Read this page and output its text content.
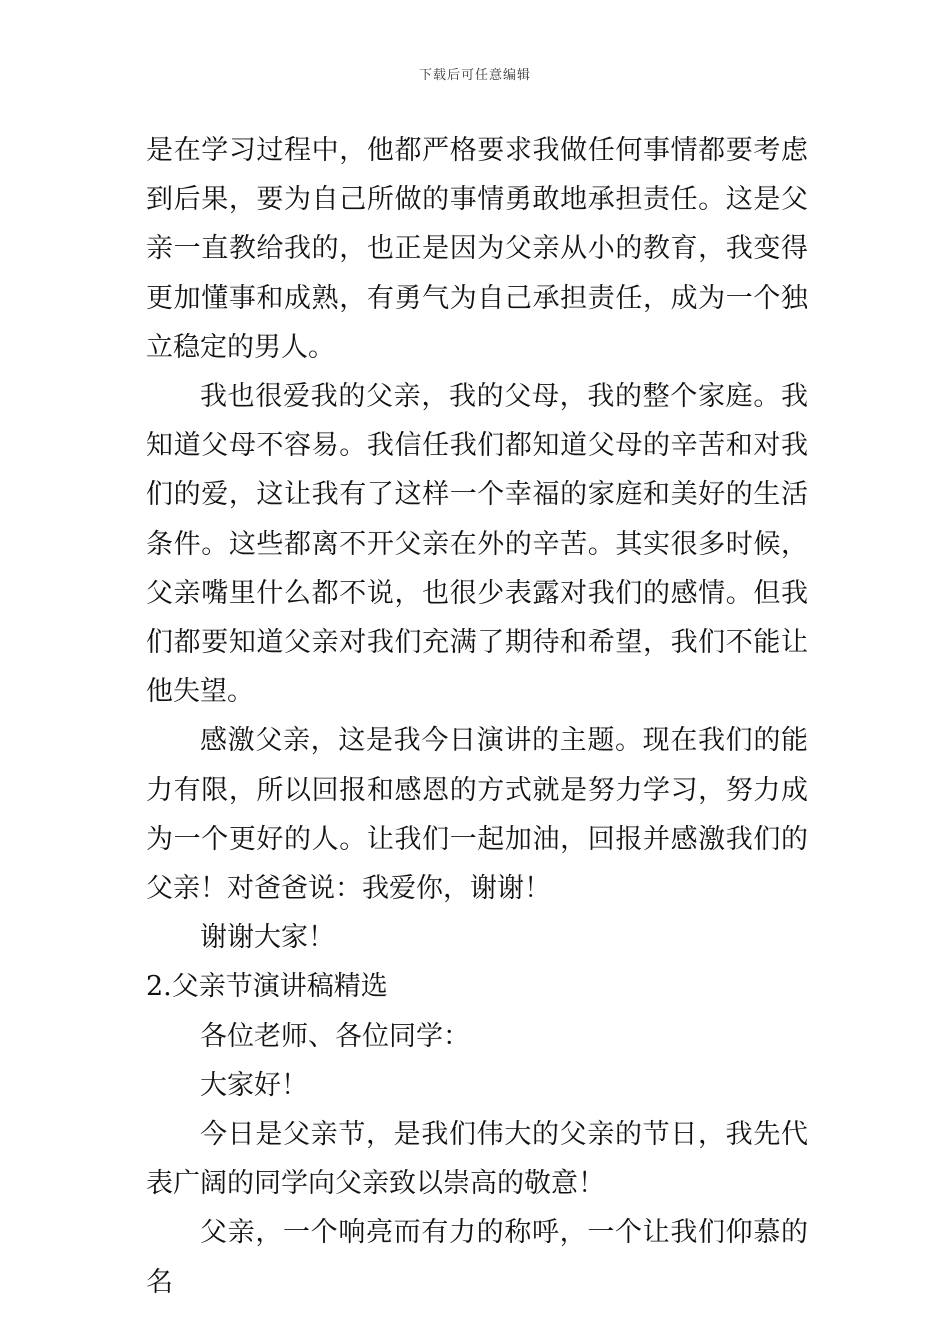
下载后可任意编辑

是在学习过程中，他都严格要求我做任何事情都要考虑到后果，要为自己所做的事情勇敢地承担责任。这是父亲一直教给我的，也正是因为父亲从小的教育，我变得更加懂事和成熟，有勇气为自己承担责任，成为一个独立稳定的男人。

我也很爱我的父亲，我的父母，我的整个家庭。我知道父母不容易。我信任我们都知道父母的辛苦和对我们的爱，这让我有了这样一个幸福的家庭和美好的生活条件。这些都离不开父亲在外的辛苦。其实很多时候，父亲嘴里什么都不说，也很少表露对我们的感情。但我们都要知道父亲对我们充满了期待和希望，我们不能让他失望。

感激父亲，这是我今日演讲的主题。现在我们的能力有限，所以回报和感恩的方式就是努力学习，努力成为一个更好的人。让我们一起加油，回报并感激我们的父亲！对爸爸说：我爱你，谢谢！

谢谢大家！

2.父亲节演讲稿精选

各位老师、各位同学：

大家好！

今日是父亲节，是我们伟大的父亲的节日，我先代表广阔的同学向父亲致以崇高的敬意！

父亲，一个响亮而有力的称呼，一个让我们仰慕的名
